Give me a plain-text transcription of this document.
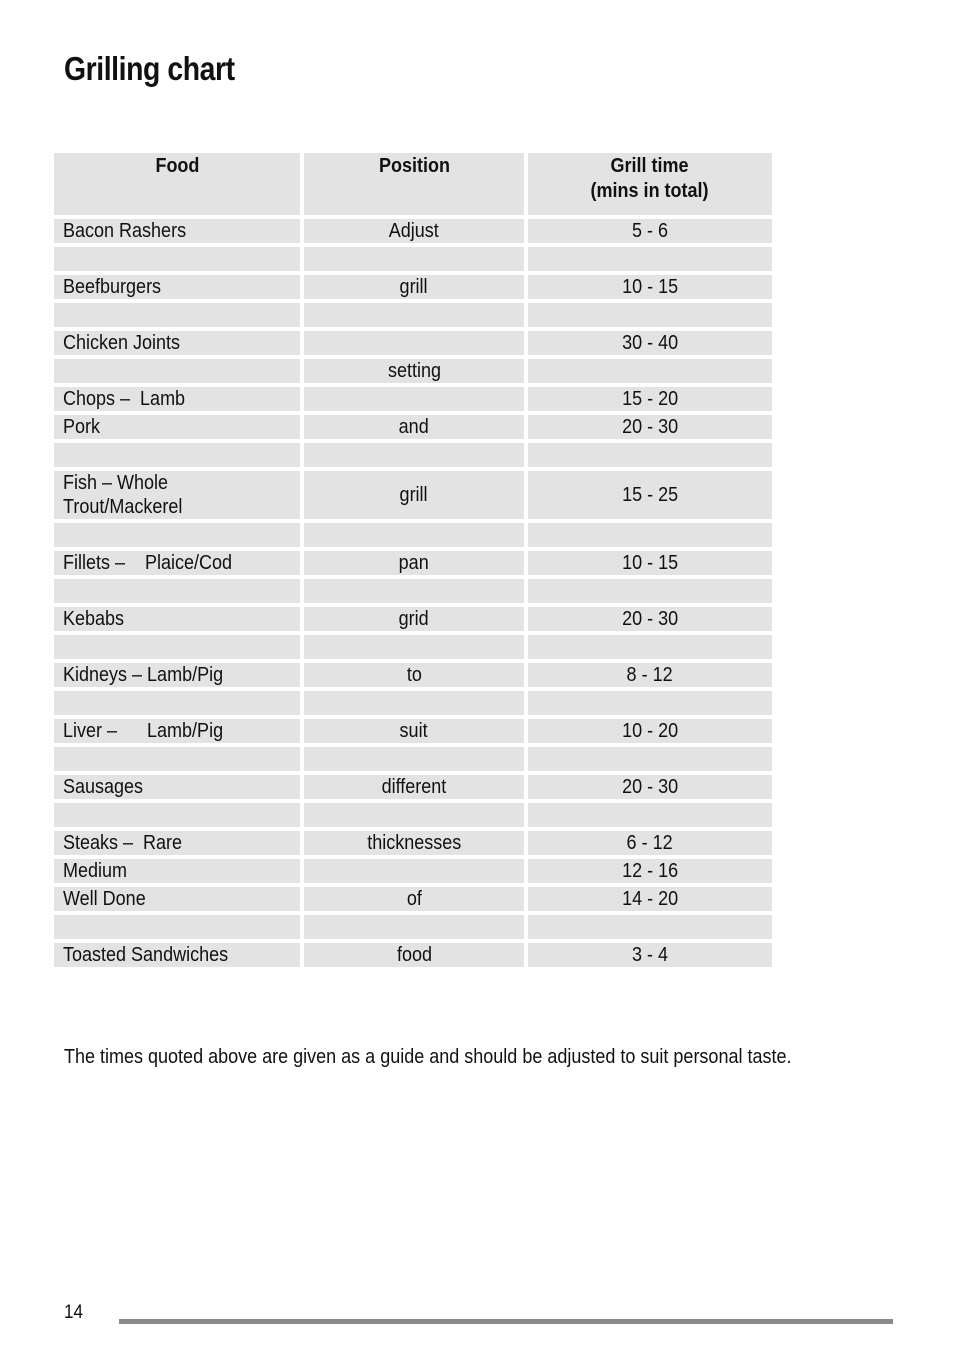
Grilling chart
Food	Position	Grill time
(mins in total)
Bacon Rashers	Adjust	5 - 6

Beefburgers	grill	10 - 15

Chicken Joints		30 - 40
	setting	
Chops –  Lamb		15 - 20
Pork	and	20 - 30

Fish – Whole
Trout/Mackerel	grill	15 - 25

Fillets –    Plaice/Cod	pan	10 - 15

Kebabs	grid	20 - 30

Kidneys – Lamb/Pig	to	8 - 12

Liver –      Lamb/Pig	suit	10 - 20

Sausages	different	20 - 30

Steaks –  Rare	thicknesses	6 - 12
Medium		12 - 16
Well Done	of	14 - 20

Toasted Sandwiches	food	3 - 4

The times quoted above are given as a guide and should be adjusted to suit personal taste.

14
